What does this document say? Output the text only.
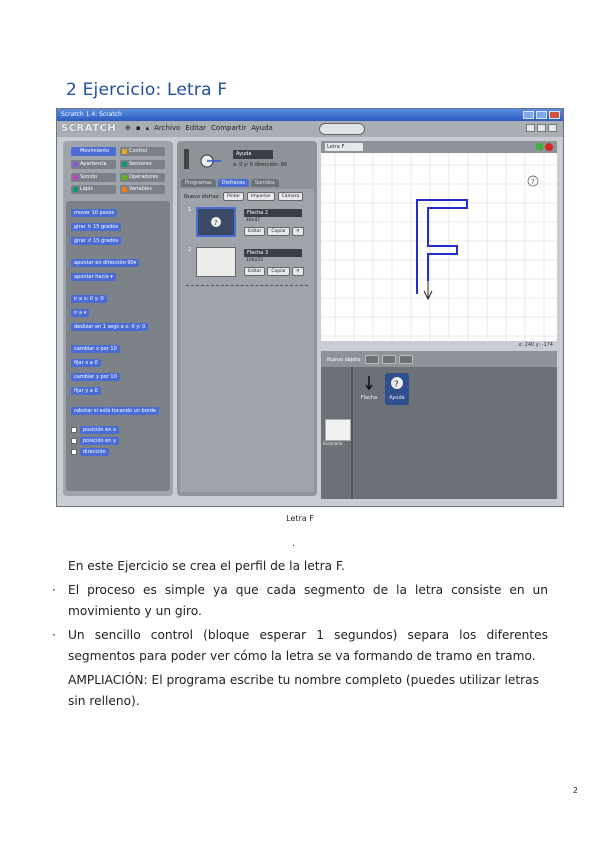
2 Ejercicio: Letra F
Scratch 1.4: Scratch
SCRATCH ⊕ ▪ ▴ Archivo Editar Compartir Ayuda
Movimiento	Control
Apariencia	Sensores
Sonido	Operadores
Lápiz	Variables
mover 10 pasos
girar ↻ 15 grados
girar ↺ 15 grados
apuntar en dirección 90▾
apuntar hacia ▾
ir a x: 0 y: 0
ir a ▾
deslizar en 1 segs a x: 0 y: 0
cambiar x por 10
fijar x a 0
cambiar y por 10
fijar y a 0
rebotar si está tocando un borde
posición en x
posición en y
dirección
Ayuda
x: 0 y: 0 dirección: 90
Programas	Disfraces	Sonidos
Nuevo disfraz:	Pintar	Importar	Cámara
1
?
Flecha 2
46x47
Editar	Copiar	✕
2	Flecha 3
100x55
Editar	Copiar	✕
Letra F
?
x: 240 y: -174
Nuevo objeto:
Escenario
Flecha
?
Ayuda
Letra F
.

En este Ejercicio se crea el perfil de la letra F.

· El proceso es simple ya que cada segmento de la letra consiste en un movimiento y un giro.

· Un sencillo control (bloque esperar 1 segundos) separa los diferentes segmentos para poder ver cómo la letra se va formando de tramo en tramo.

AMPLIACIÓN: El programa escribe tu nombre completo (puedes utilizar letras sin relleno).

2
